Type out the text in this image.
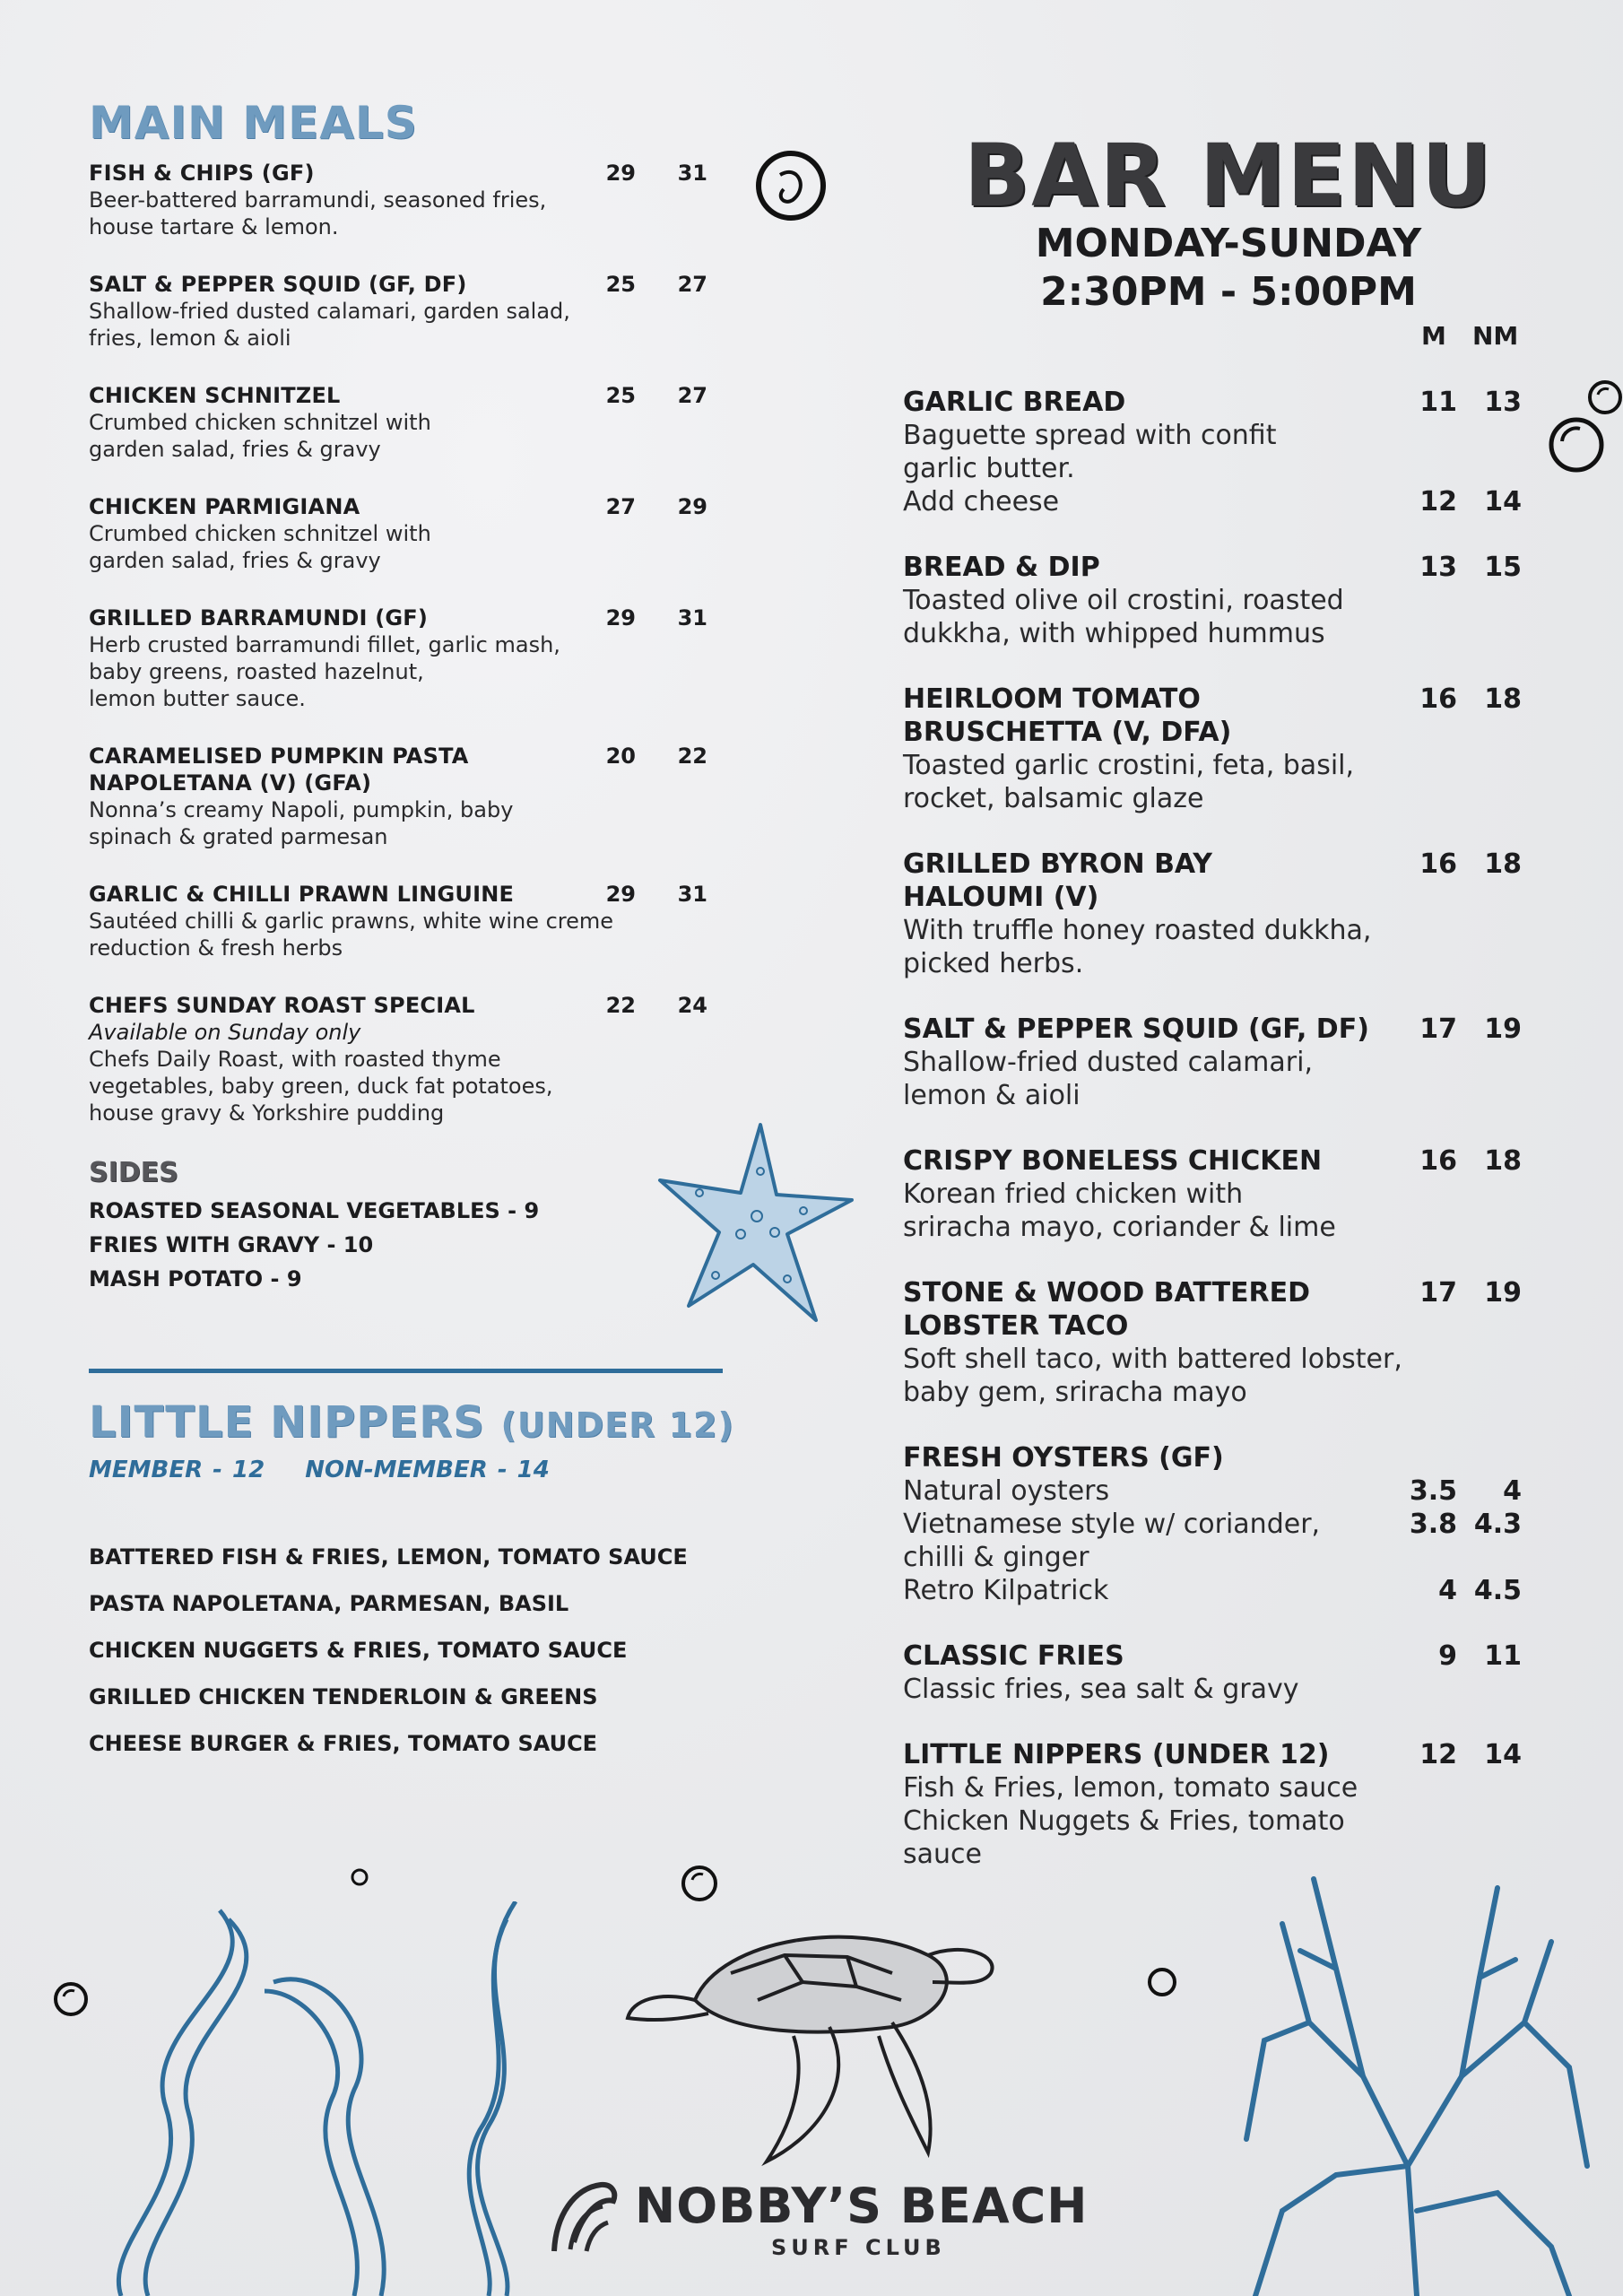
MAIN MEALS
FISH & CHIPS (GF)	29	31
Beer-battered barramundi, seasoned fries,
house tartare & lemon.
SALT & PEPPER SQUID (GF, DF)	25	27
Shallow-fried dusted calamari, garden salad,
fries, lemon & aioli
CHICKEN SCHNITZEL	25	27
Crumbed chicken schnitzel with
garden salad, fries & gravy
CHICKEN PARMIGIANA	27	29
Crumbed chicken schnitzel with
garden salad, fries & gravy
GRILLED BARRAMUNDI (GF)	29	31
Herb crusted barramundi fillet, garlic mash,
baby greens, roasted hazelnut,
lemon butter sauce.
CARAMELISED PUMPKIN PASTA
NAPOLETANA (V) (GFA)
20	22
Nonna’s creamy Napoli, pumpkin, baby
spinach & grated parmesan
GARLIC & CHILLI PRAWN LINGUINE	29	31
Sautéed chilli & garlic prawns, white wine creme
reduction & fresh herbs
CHEFS SUNDAY ROAST SPECIAL	22	24
Available on Sunday only
Chefs Daily Roast, with roasted thyme
vegetables, baby green, duck fat potatoes,
house gravy & Yorkshire pudding
SIDES
ROASTED SEASONAL VEGETABLES - 9
FRIES WITH GRAVY - 10
MASH POTATO - 9
LITTLE NIPPERS (UNDER 12)
MEMBER - 12 NON-MEMBER - 14
BATTERED FISH & FRIES, LEMON, TOMATO SAUCE
PASTA NAPOLETANA, PARMESAN, BASIL
CHICKEN NUGGETS & FRIES, TOMATO SAUCE
GRILLED CHICKEN TENDERLOIN & GREENS
CHEESE BURGER & FRIES, TOMATO SAUCE
BAR MENU
MONDAY-SUNDAY
2:30PM - 5:00PM
M NM
GARLIC BREAD	11	13
Baguette spread with confit
garlic butter.
Add cheese	12	14
BREAD & DIP	13	15
Toasted olive oil crostini, roasted
dukkha, with whipped hummus
HEIRLOOM TOMATO
BRUSCHETTA (V, DFA)
16	18
Toasted garlic crostini, feta, basil,
rocket, balsamic glaze
GRILLED BYRON BAY
HALOUMI (V)
16	18
With truffle honey roasted dukkha,
picked herbs.
SALT & PEPPER SQUID (GF, DF)	17	19
Shallow-fried dusted calamari,
lemon & aioli
CRISPY BONELESS CHICKEN	16	18
Korean fried chicken with
sriracha mayo, coriander & lime
STONE & WOOD BATTERED
LOBSTER TACO
17	19
Soft shell taco, with battered lobster,
baby gem, sriracha mayo
FRESH OYSTERS (GF)
Natural oysters	3.5	4
Vietnamese style w/ coriander,
chilli & ginger
3.8 4.3
Retro Kilpatrick	4 4.5
CLASSIC FRIES	9	11
Classic fries, sea salt & gravy
LITTLE NIPPERS (UNDER 12)	12	14
Fish & Fries, lemon, tomato sauce
Chicken Nuggets & Fries, tomato sauce
NOBBY’S BEACH
SURF CLUB
